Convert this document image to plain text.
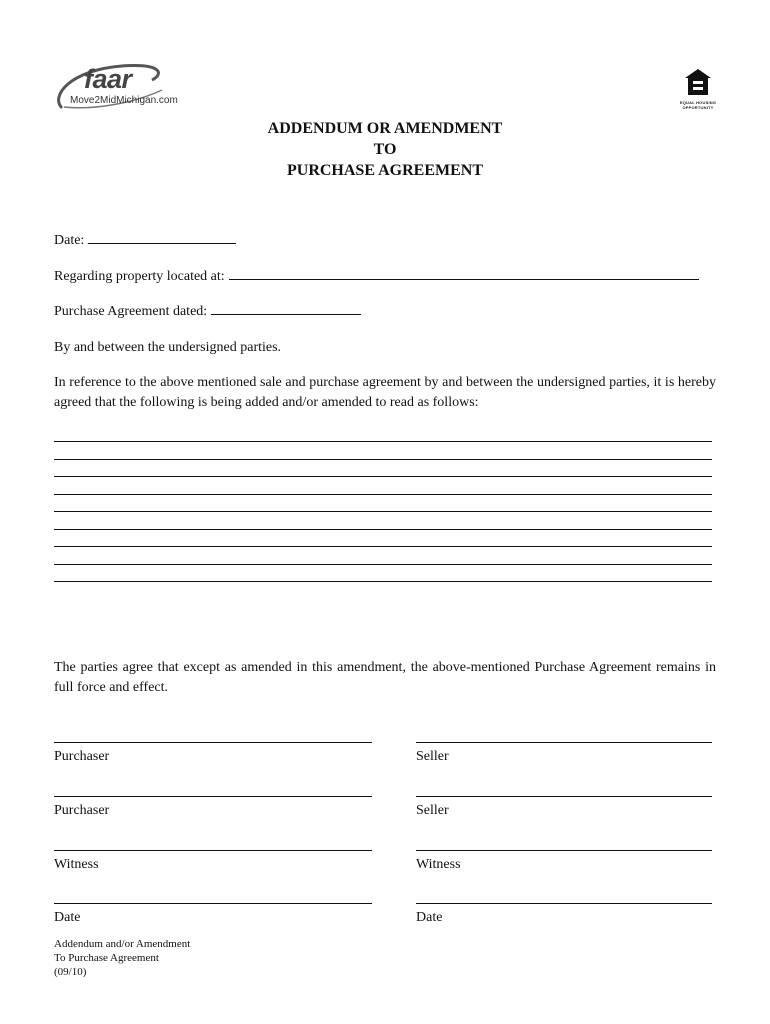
faar
Move2MidMichigan.com	EQUAL HOUSING
OPPORTUNITY
ADDENDUM OR AMENDMENT
TO
PURCHASE AGREEMENT
Date:
Regarding property located at:
Purchase Agreement dated:
By and between the undersigned parties.
In reference to the above mentioned sale and purchase agreement by and between the undersigned parties, it is hereby agreed that the following is being added and/or amended to read as follows:
The parties agree that except as amended in this amendment, the above-mentioned Purchase Agreement remains in full force and effect.
Purchaser	Seller
Purchaser	Seller
Witness	Witness
Date	Date
Addendum and/or Amendment
To Purchase Agreement
(09/10)
